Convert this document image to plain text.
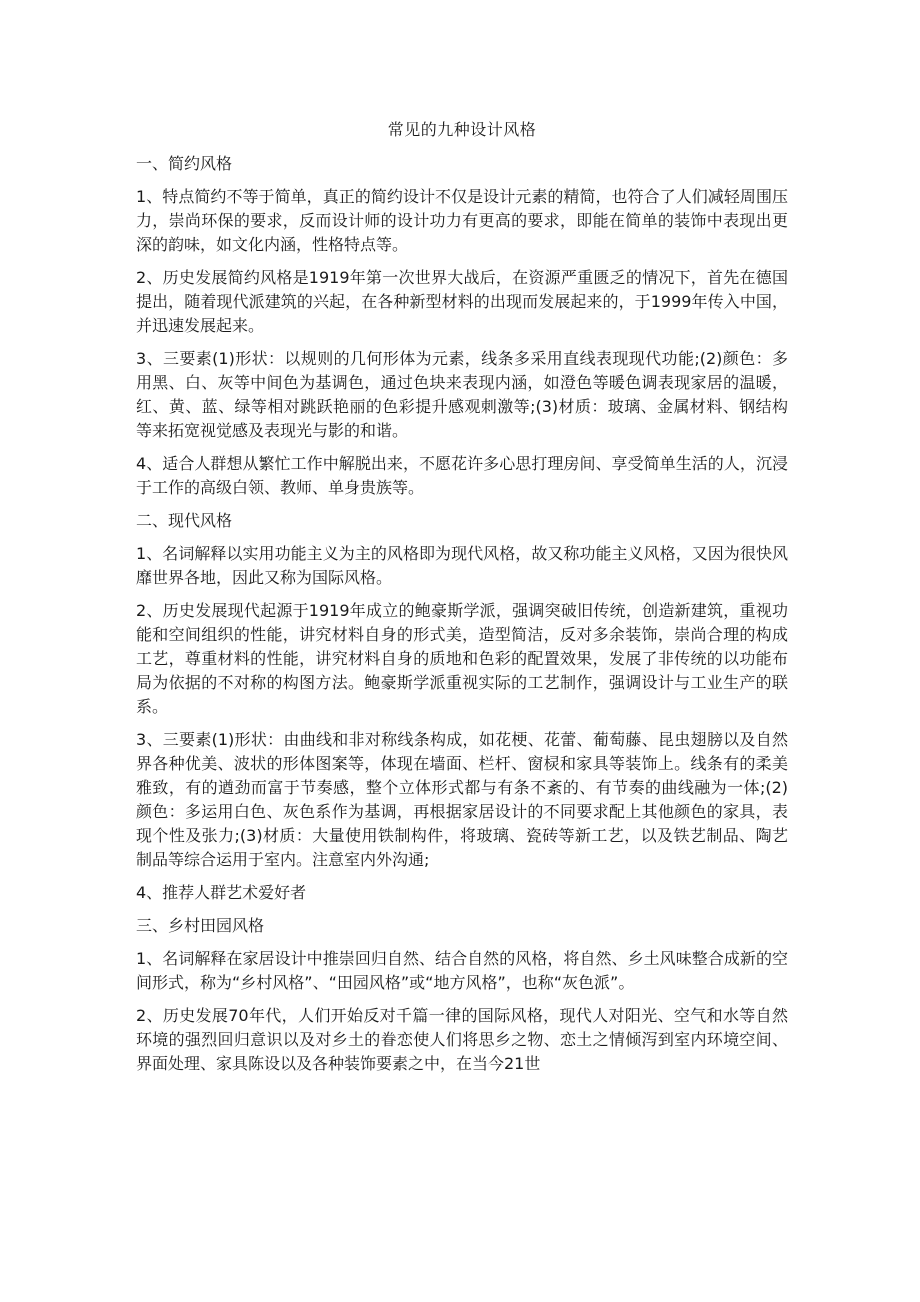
常见的九种设计风格
一、简约风格

1、特点简约不等于简单，真正的简约设计不仅是设计元素的精简，也符合了人们减轻周围压力，崇尚环保的要求，反而设计师的设计功力有更高的要求，即能在简单的装饰中表现出更深的韵味，如文化内涵，性格特点等。

2、历史发展简约风格是1919年第一次世界大战后，在资源严重匮乏的情况下，首先在德国提出，随着现代派建筑的兴起，在各种新型材料的出现而发展起来的，于1999年传入中国，并迅速发展起来。

3、三要素(1)形状：以规则的几何形体为元素，线条多采用直线表现现代功能;(2)颜色：多用黑、白、灰等中间色为基调色，通过色块来表现内涵，如澄色等暖色调表现家居的温暖，红、黄、蓝、绿等相对跳跃艳丽的色彩提升感观刺激等;(3)材质：玻璃、金属材料、钢结构等来拓宽视觉感及表现光与影的和谐。

4、适合人群想从繁忙工作中解脱出来，不愿花许多心思打理房间、享受简单生活的人，沉浸于工作的高级白领、教师、单身贵族等。

二、现代风格

1、名词解释以实用功能主义为主的风格即为现代风格，故又称功能主义风格，又因为很快风靡世界各地，因此又称为国际风格。

2、历史发展现代起源于1919年成立的鲍豪斯学派，强调突破旧传统，创造新建筑，重视功能和空间组织的性能，讲究材料自身的形式美，造型简洁，反对多余装饰，崇尚合理的构成工艺，尊重材料的性能，讲究材料自身的质地和色彩的配置效果，发展了非传统的以功能布局为依据的不对称的构图方法。鲍豪斯学派重视实际的工艺制作，强调设计与工业生产的联系。

3、三要素(1)形状：由曲线和非对称线条构成，如花梗、花蕾、葡萄藤、昆虫翅膀以及自然界各种优美、波状的形体图案等，体现在墙面、栏杆、窗棂和家具等装饰上。线条有的柔美雅致，有的遒劲而富于节奏感，整个立体形式都与有条不紊的、有节奏的曲线融为一体;(2)颜色：多运用白色、灰色系作为基调，再根据家居设计的不同要求配上其他颜色的家具，表现个性及张力;(3)材质：大量使用铁制构件，将玻璃、瓷砖等新工艺，以及铁艺制品、陶艺制品等综合运用于室内。注意室内外沟通;

4、推荐人群艺术爱好者

三、乡村田园风格

1、名词解释在家居设计中推崇回归自然、结合自然的风格，将自然、乡土风味整合成新的空间形式，称为“乡村风格”、“田园风格”或“地方风格”，也称“灰色派”。

2、历史发展70年代，人们开始反对千篇一律的国际风格，现代人对阳光、空气和水等自然环境的强烈回归意识以及对乡土的眷恋使人们将思乡之物、恋土之情倾泻到室内环境空间、界面处理、家具陈设以及各种装饰要素之中，在当今21世
